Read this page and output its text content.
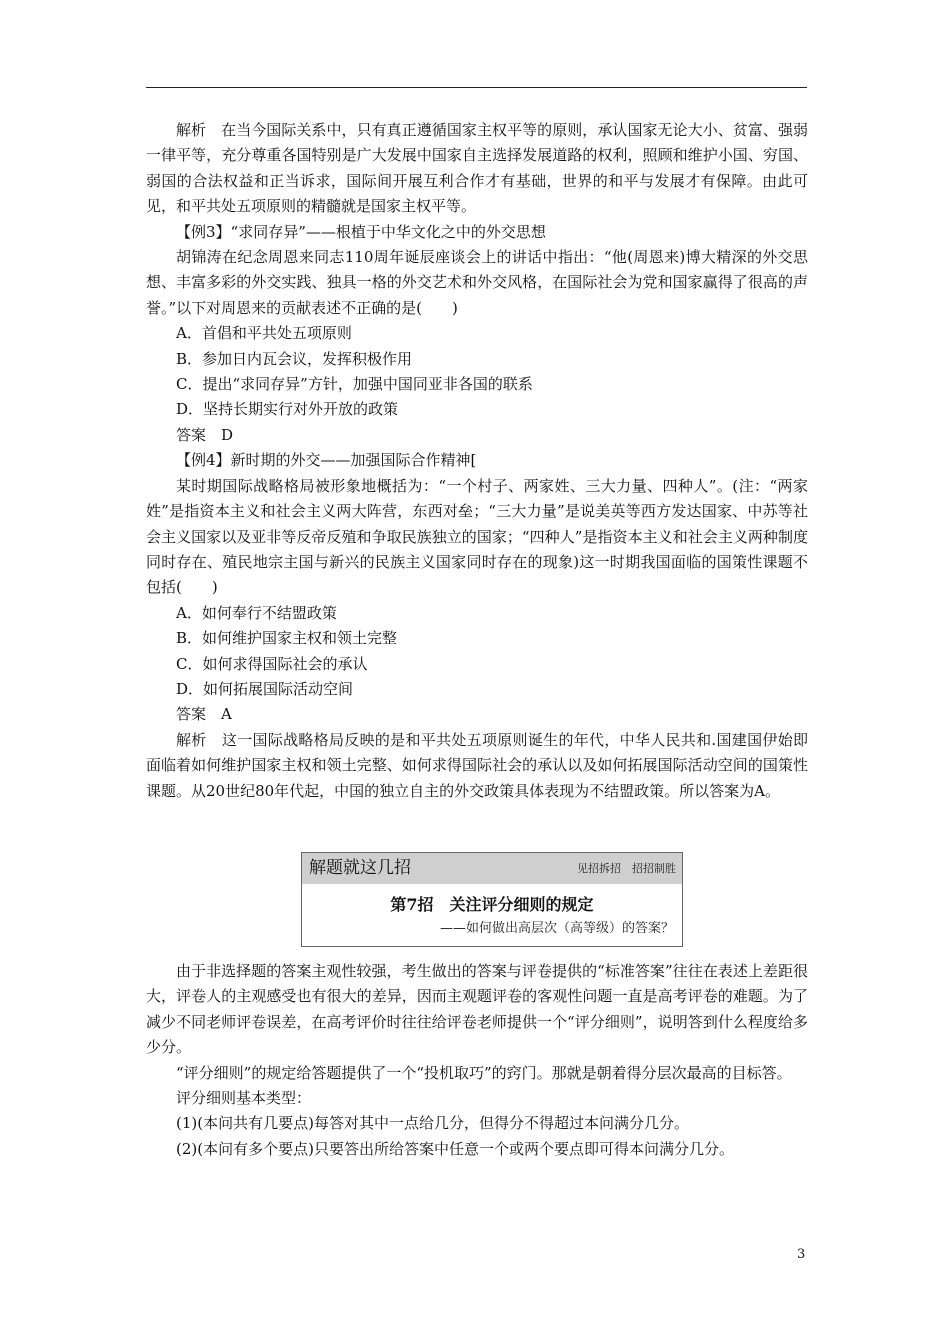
解析　在当今国际关系中，只有真正遵循国家主权平等的原则，承认国家无论大小、贫富、强弱一律平等，充分尊重各国特别是广大发展中国家自主选择发展道路的权利，照顾和维护小国、穷国、弱国的合法权益和正当诉求，国际间开展互利合作才有基础，世界的和平与发展才有保障。由此可见，和平共处五项原则的精髓就是国家主权平等。

【例3】“求同存异”——根植于中华文化之中的外交思想

胡锦涛在纪念周恩来同志110周年诞辰座谈会上的讲话中指出：“他(周恩来)博大精深的外交思想、丰富多彩的外交实践、独具一格的外交艺术和外交风格，在国际社会为党和国家赢得了很高的声誉。”以下对周恩来的贡献表述不正确的是(　　)

A．首倡和平共处五项原则

B．参加日内瓦会议，发挥积极作用

C．提出“求同存异”方针，加强中国同亚非各国的联系

D．坚持长期实行对外开放的政策

答案　D

【例4】新时期的外交——加强国际合作精神[

某时期国际战略格局被形象地概括为：“一个村子、两家姓、三大力量、四种人”。(注：“两家姓”是指资本主义和社会主义两大阵营，东西对垒；“三大力量”是说美英等西方发达国家、中苏等社会主义国家以及亚非等反帝反殖和争取民族独立的国家；“四种人”是指资本主义和社会主义两种制度同时存在、殖民地宗主国与新兴的民族主义国家同时存在的现象)这一时期我国面临的国策性课题不包括(　　)

A．如何奉行不结盟政策

B．如何维护国家主权和领土完整

C．如何求得国际社会的承认

D．如何拓展国际活动空间

答案　A

解析　这一国际战略格局反映的是和平共处五项原则诞生的年代，中华人民共和.国建国伊始即面临着如何维护国家主权和领土完整、如何求得国际社会的承认以及如何拓展国际活动空间的国策性课题。从20世纪80年代起，中国的独立自主的外交政策具体表现为不结盟政策。所以答案为A。

解题就这几招	见招拆招　招招制胜
第7招　关注评分细则的规定
——如何做出高层次（高等级）的答案？

由于非选择题的答案主观性较强，考生做出的答案与评卷提供的“标准答案”往往在表述上差距很大，评卷人的主观感受也有很大的差异，因而主观题评卷的客观性问题一直是高考评卷的难题。为了减少不同老师评卷误差，在高考评价时往往给评卷老师提供一个“评分细则”，说明答到什么程度给多少分。

“评分细则”的规定给答题提供了一个“投机取巧”的窍门。那就是朝着得分层次最高的目标答。

评分细则基本类型：

(1)(本问共有几要点)每答对其中一点给几分，但得分不得超过本问满分几分。

(2)(本问有多个要点)只要答出所给答案中任意一个或两个要点即可得本问满分几分。

3
